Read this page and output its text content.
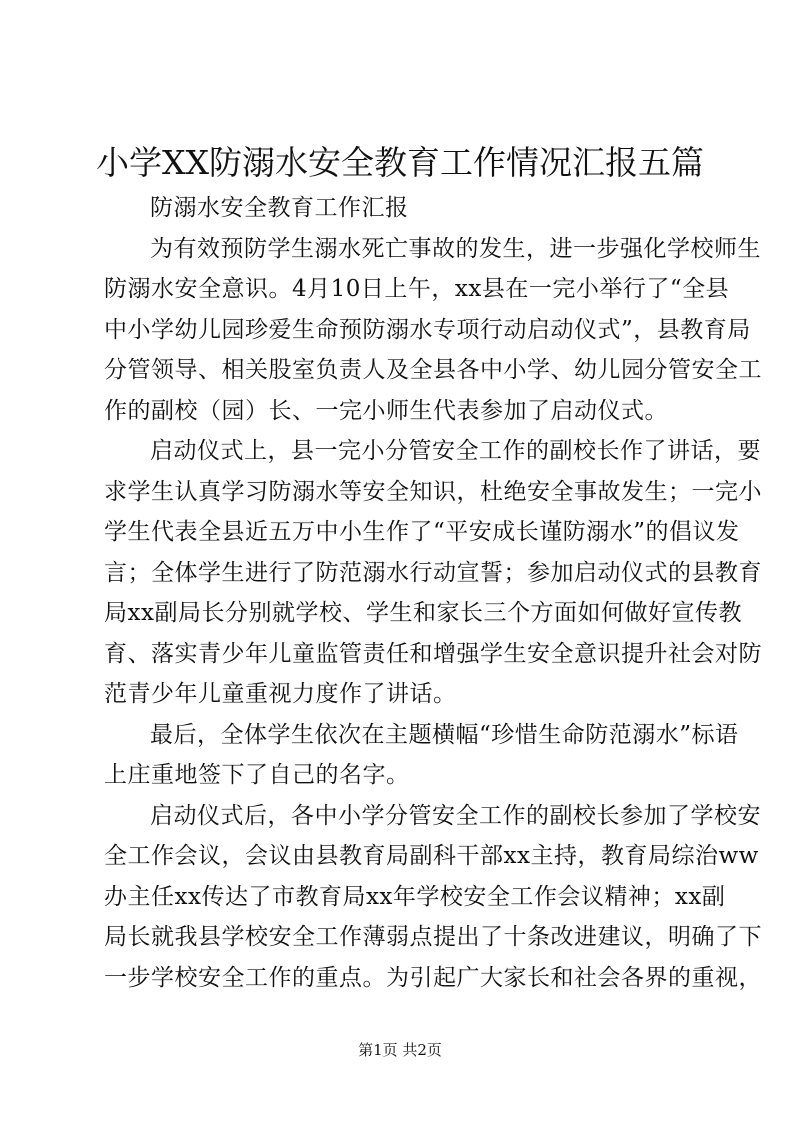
小学XX防溺水安全教育工作情况汇报五篇

防溺水安全教育工作汇报

为有效预防学生溺水死亡事故的发生，进一步强化学校师生
防溺水安全意识。4月10日上午，xx县在一完小举行了“全县
中小学幼儿园珍爱生命预防溺水专项行动启动仪式”，县教育局
分管领导、相关股室负责人及全县各中小学、幼儿园分管安全工
作的副校（园）长、一完小师生代表参加了启动仪式。
启动仪式上，县一完小分管安全工作的副校长作了讲话，要
求学生认真学习防溺水等安全知识，杜绝安全事故发生；一完小
学生代表全县近五万中小生作了“平安成长谨防溺水”的倡议发
言；全体学生进行了防范溺水行动宣誓；参加启动仪式的县教育
局xx副局长分别就学校、学生和家长三个方面如何做好宣传教
育、落实青少年儿童监管责任和增强学生安全意识提升社会对防
范青少年儿童重视力度作了讲话。
最后，全体学生依次在主题横幅“珍惜生命防范溺水”标语
上庄重地签下了自己的名字。
启动仪式后，各中小学分管安全工作的副校长参加了学校安
全工作会议，会议由县教育局副科干部xx主持，教育局综治ww
办主任xx传达了市教育局xx年学校安全工作会议精神；xx副
局长就我县学校安全工作薄弱点提出了十条改进建议，明确了下
一步学校安全工作的重点。为引起广大家长和社会各界的重视，
第1页 共2页
